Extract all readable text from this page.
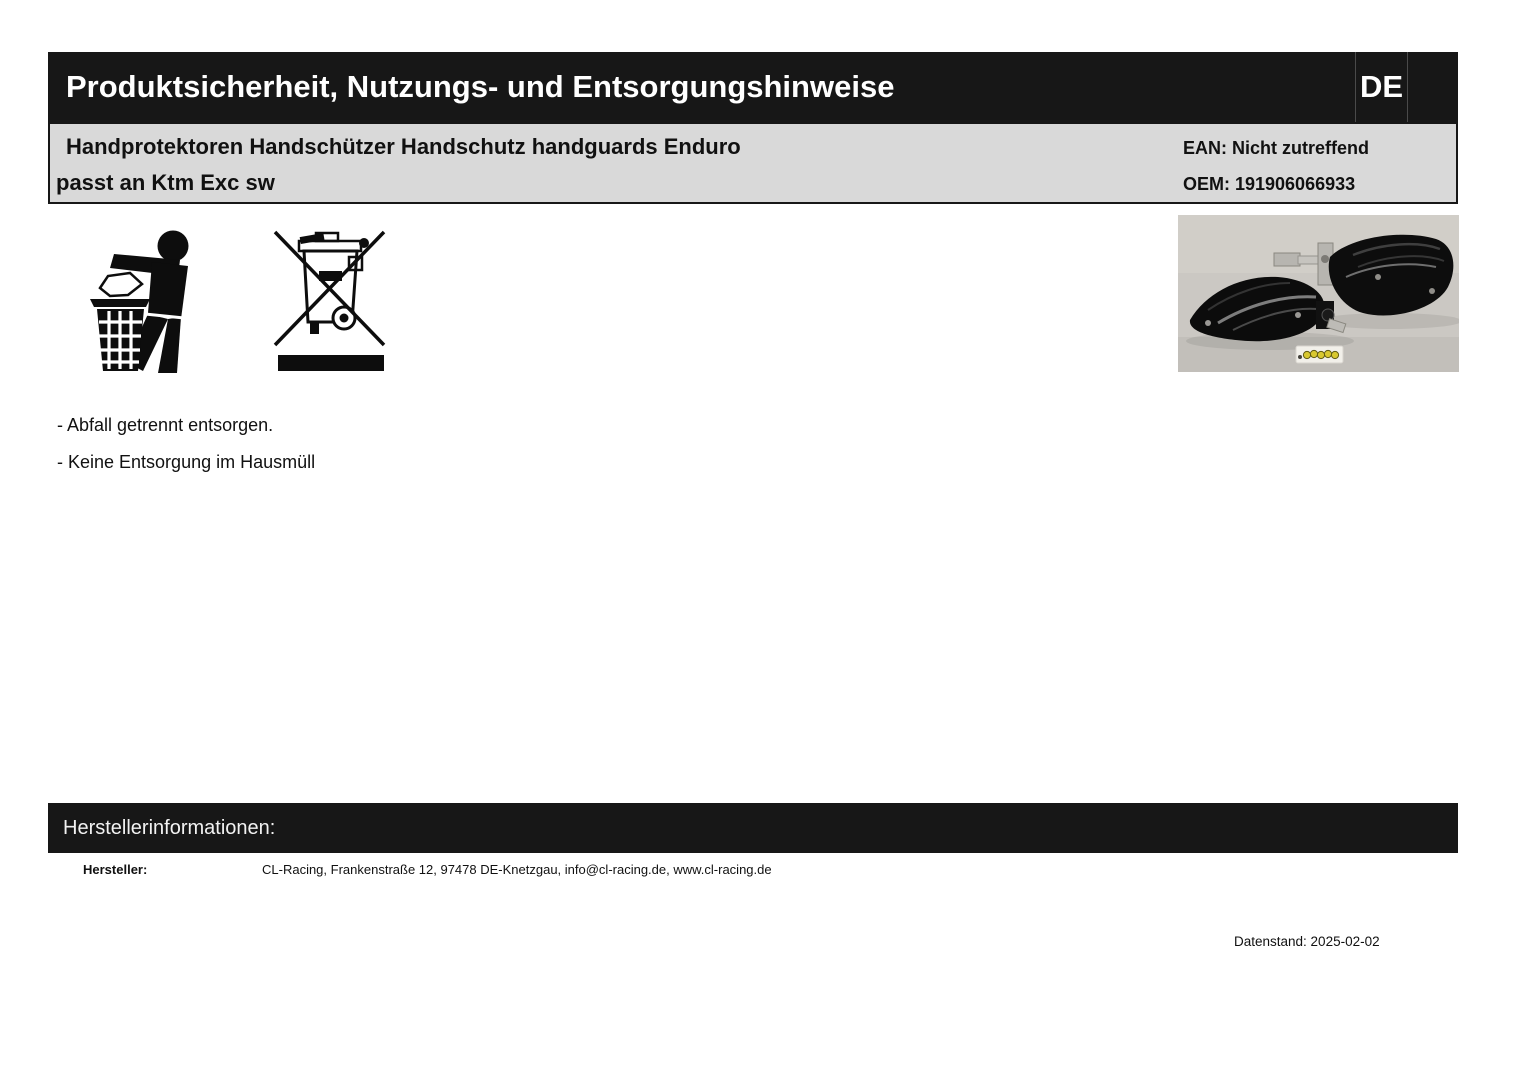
Produktsicherheit, Nutzungs- und Entsorgungshinweise	DE
Handprotektoren Handschützer Handschutz handguards Enduro
passt an Ktm Exc sw
EAN: Nicht zutreffend
OEM: 191906066933
- Abfall getrennt entsorgen.
- Keine Entsorgung im Hausmüll
Herstellerinformationen:
Hersteller:	CL-Racing, Frankenstraße 12, 97478 DE-Knetzgau, info@cl-racing.de, www.cl-racing.de
Datenstand: 2025-02-02
